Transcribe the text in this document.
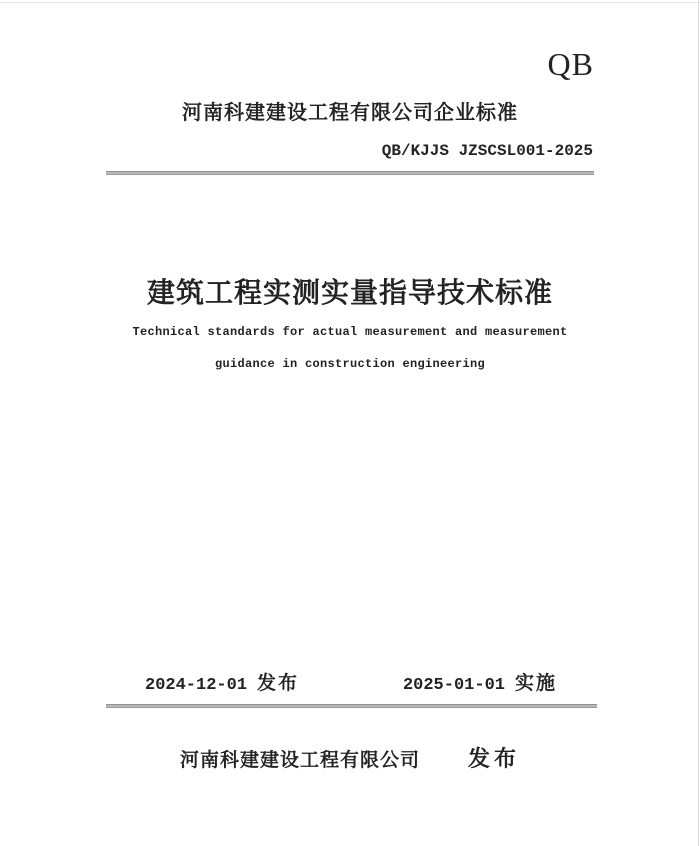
QB
河南科建建设工程有限公司企业标准
QB/KJJS JZSCSL001-2025
建筑工程实测实量指导技术标准
Technical standards for actual measurement and measurement
guidance in construction engineering
2024-12-01 发布	2025-01-01 实施
河南科建建设工程有限公司 发布
